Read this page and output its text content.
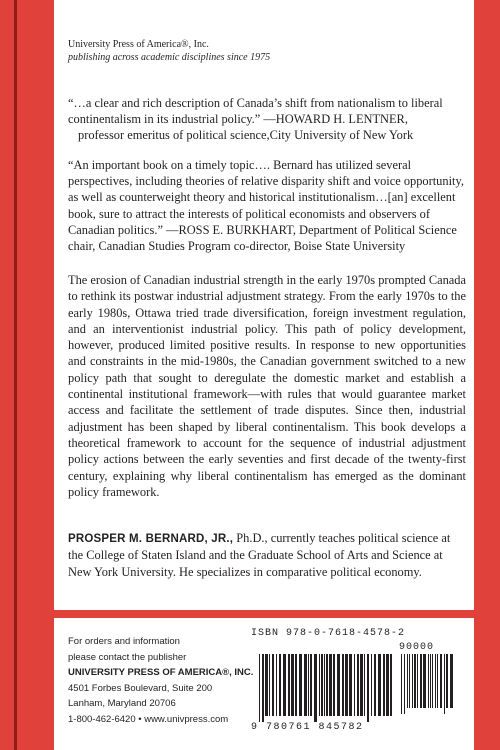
University Press of America®, Inc.
publishing across academic disciplines since 1975
“…a clear and rich description of Canada’s shift from nationalism to liberal continentalism in its industrial policy.” —HOWARD H. LENTNER,
professor emeritus of political science,City University of New York
“An important book on a timely topic…. Bernard has utilized several perspectives, including theories of relative disparity shift and voice opportunity, as well as counterweight theory and historical institutionalism…[an] excellent book, sure to attract the interests of political economists and observers of Canadian politics.” —ROSS E. BURKHART, Department of Political Science chair, Canadian Studies Program co-director, Boise State University
The erosion of Canadian industrial strength in the early 1970s prompted Canada to rethink its postwar industrial adjustment strategy. From the early 1970s to the early 1980s, Ottawa tried trade diversification, foreign investment regulation, and an interventionist industrial policy. This path of policy development, however, produced limited positive results. In response to new opportunities and constraints in the mid-1980s, the Canadian government switched to a new policy path that sought to deregulate the domestic market and establish a continental institutional framework—with rules that would guarantee market access and facilitate the settlement of trade disputes. Since then, industrial adjustment has been shaped by liberal continentalism. This book develops a theoretical framework to account for the sequence of industrial adjustment policy actions between the early seventies and first decade of the twenty-first century, explaining why liberal continentalism has emerged as the dominant policy framework.
PROSPER M. BERNARD, JR., Ph.D., currently teaches political science at the College of Staten Island and the Graduate School of Arts and Science at New York University. He specializes in comparative political economy.
For orders and information
please contact the publisher
UNIVERSITY PRESS OF AMERICA®, INC.
4501 Forbes Boulevard, Suite 200
Lanham, Maryland 20706
1-800-462-6420 • www.univpress.com
ISBN 978-0-7618-4578-2
90000
9 780761 845782
